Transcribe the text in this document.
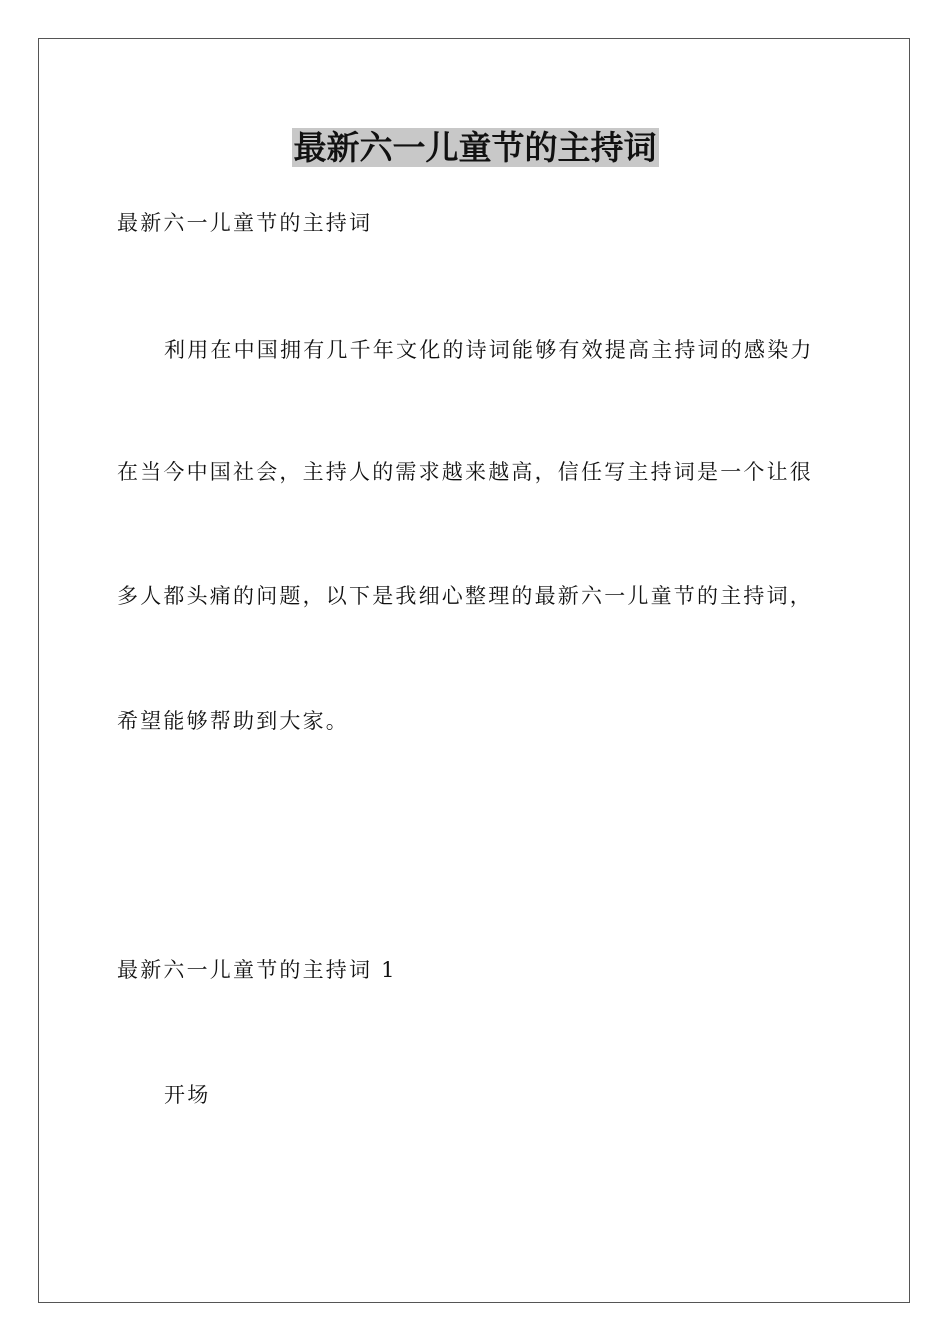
最新六一儿童节的主持词

最新六一儿童节的主持词

利用在中国拥有几千年文化的诗词能够有效提高主持词的感染力

在当今中国社会，主持人的需求越来越高，信任写主持词是一个让很

多人都头痛的问题，以下是我细心整理的最新六一儿童节的主持词，

希望能够帮助到大家。

最新六一儿童节的主持词 1

开场
